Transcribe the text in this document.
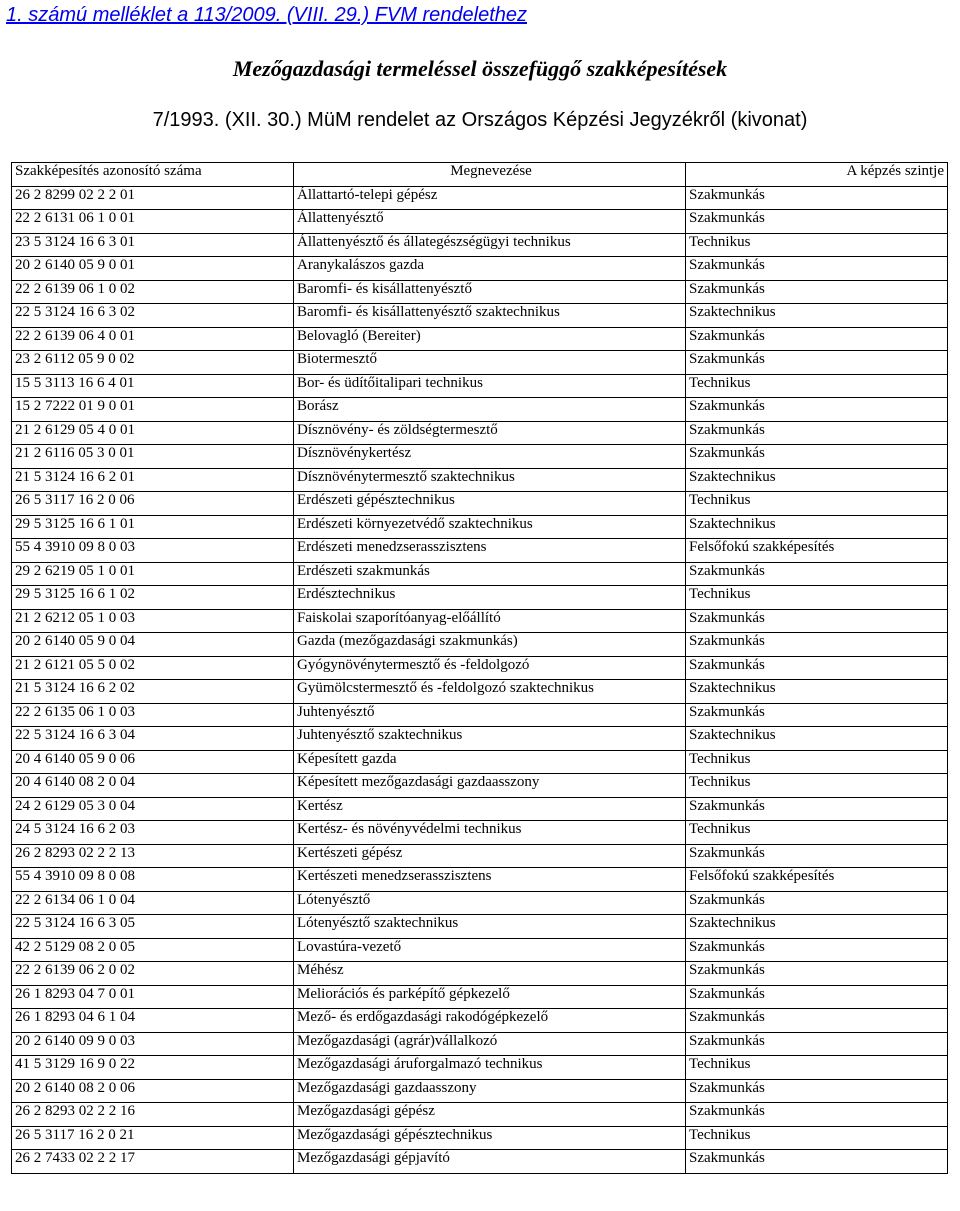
1. számú melléklet a 113/2009. (VIII. 29.) FVM rendelethez
Mezőgazdasági termeléssel összefüggő szakképesítések
7/1993. (XII. 30.) MüM rendelet az Országos Képzési Jegyzékről (kivonat)
Szakképesítés azonosító száma	Megnevezése	A képzés szintje
26 2 8299 02 2 2 01	Állattartó-telepi gépész	Szakmunkás
22 2 6131 06 1 0 01	Állattenyésztő	Szakmunkás
23 5 3124 16 6 3 01	Állattenyésztő és állategészségügyi technikus	Technikus
20 2 6140 05 9 0 01	Aranykalászos gazda	Szakmunkás
22 2 6139 06 1 0 02	Baromfi- és kisállattenyésztő	Szakmunkás
22 5 3124 16 6 3 02	Baromfi- és kisállattenyésztő szaktechnikus	Szaktechnikus
22 2 6139 06 4 0 01	Belovagló (Bereiter)	Szakmunkás
23 2 6112 05 9 0 02	Biotermesztő	Szakmunkás
15 5 3113 16 6 4 01	Bor- és üdítőitalipari technikus	Technikus
15 2 7222 01 9 0 01	Borász	Szakmunkás
21 2 6129 05 4 0 01	Dísznövény- és zöldségtermesztő	Szakmunkás
21 2 6116 05 3 0 01	Dísznövénykertész	Szakmunkás
21 5 3124 16 6 2 01	Dísznövénytermesztő szaktechnikus	Szaktechnikus
26 5 3117 16 2 0 06	Erdészeti gépésztechnikus	Technikus
29 5 3125 16 6 1 01	Erdészeti környezetvédő szaktechnikus	Szaktechnikus
55 4 3910 09 8 0 03	Erdészeti menedzserasszisztens	Felsőfokú szakképesítés
29 2 6219 05 1 0 01	Erdészeti szakmunkás	Szakmunkás
29 5 3125 16 6 1 02	Erdésztechnikus	Technikus
21 2 6212 05 1 0 03	Faiskolai szaporítóanyag-előállító	Szakmunkás
20 2 6140 05 9 0 04	Gazda (mezőgazdasági szakmunkás)	Szakmunkás
21 2 6121 05 5 0 02	Gyógynövénytermesztő és -feldolgozó	Szakmunkás
21 5 3124 16 6 2 02	Gyümölcstermesztő és -feldolgozó szaktechnikus	Szaktechnikus
22 2 6135 06 1 0 03	Juhtenyésztő	Szakmunkás
22 5 3124 16 6 3 04	Juhtenyésztő szaktechnikus	Szaktechnikus
20 4 6140 05 9 0 06	Képesített gazda	Technikus
20 4 6140 08 2 0 04	Képesített mezőgazdasági gazdaasszony	Technikus
24 2 6129 05 3 0 04	Kertész	Szakmunkás
24 5 3124 16 6 2 03	Kertész- és növényvédelmi technikus	Technikus
26 2 8293 02 2 2 13	Kertészeti gépész	Szakmunkás
55 4 3910 09 8 0 08	Kertészeti menedzserasszisztens	Felsőfokú szakképesítés
22 2 6134 06 1 0 04	Lótenyésztő	Szakmunkás
22 5 3124 16 6 3 05	Lótenyésztő szaktechnikus	Szaktechnikus
42 2 5129 08 2 0 05	Lovastúra-vezető	Szakmunkás
22 2 6139 06 2 0 02	Méhész	Szakmunkás
26 1 8293 04 7 0 01	Meliorációs és parképítő gépkezelő	Szakmunkás
26 1 8293 04 6 1 04	Mező- és erdőgazdasági rakodógépkezelő	Szakmunkás
20 2 6140 09 9 0 03	Mezőgazdasági (agrár)vállalkozó	Szakmunkás
41 5 3129 16 9 0 22	Mezőgazdasági áruforgalmazó technikus	Technikus
20 2 6140 08 2 0 06	Mezőgazdasági gazdaasszony	Szakmunkás
26 2 8293 02 2 2 16	Mezőgazdasági gépész	Szakmunkás
26 5 3117 16 2 0 21	Mezőgazdasági gépésztechnikus	Technikus
26 2 7433 02 2 2 17	Mezőgazdasági gépjavító	Szakmunkás
